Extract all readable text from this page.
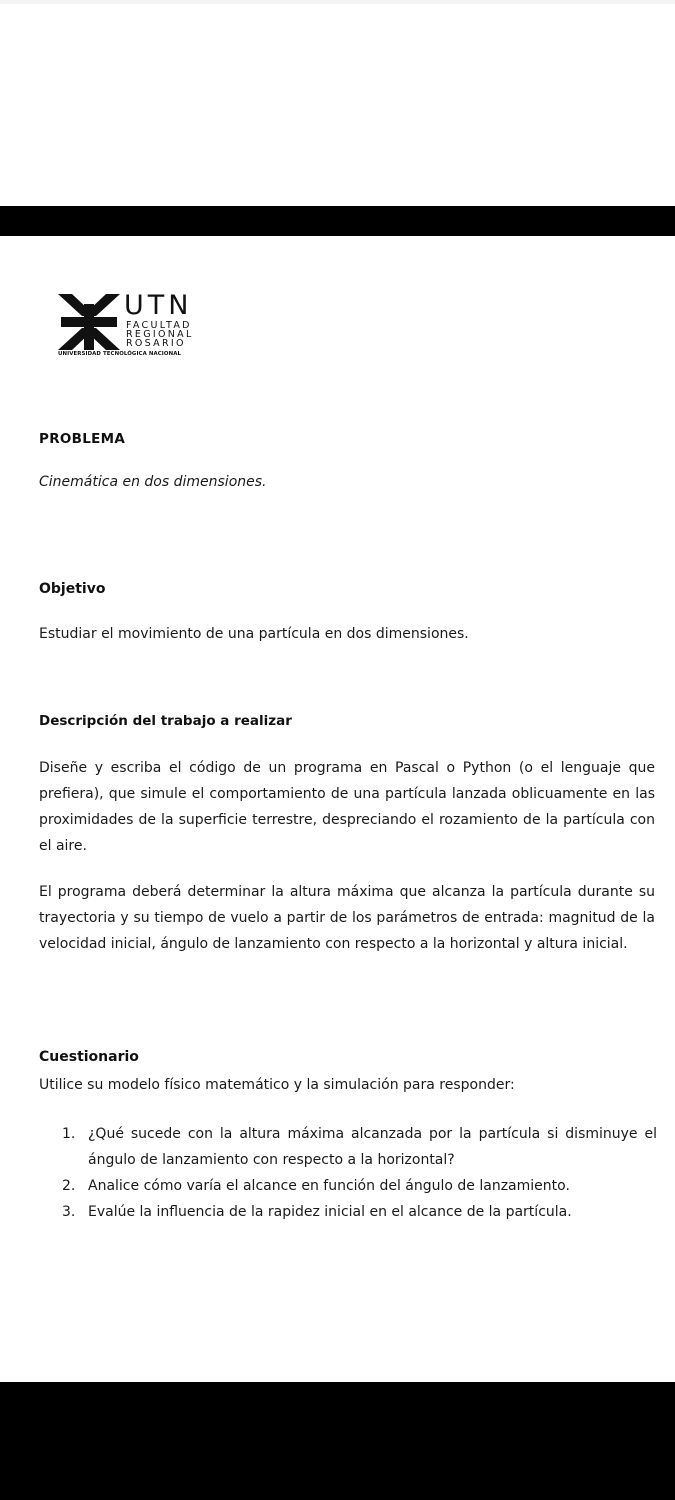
UTN
FACULTAD
REGIONAL
ROSARIO
UNIVERSIDAD TECNOLÓGICA NACIONAL
PROBLEMA
Cinemática en dos dimensiones.
Objetivo
Estudiar el movimiento de una partícula en dos dimensiones.
Descripción del trabajo a realizar
Diseñe y escriba el código de un programa en Pascal o Python (o el lenguaje que prefiera), que simule el comportamiento de una partícula lanzada oblicuamente en las proximidades de la superficie terrestre, despreciando el rozamiento de la partícula con el aire.
El programa deberá determinar la altura máxima que alcanza la partícula durante su trayectoria y su tiempo de vuelo a partir de los parámetros de entrada: magnitud de la velocidad inicial, ángulo de lanzamiento con respecto a la horizontal y altura inicial.
Cuestionario
Utilice su modelo físico matemático y la simulación para responder:
1. ¿Qué sucede con la altura máxima alcanzada por la partícula si disminuye el ángulo de lanzamiento con respecto a la horizontal?
2. Analice cómo varía el alcance en función del ángulo de lanzamiento.
3. Evalúe la influencia de la rapidez inicial en el alcance de la partícula.
